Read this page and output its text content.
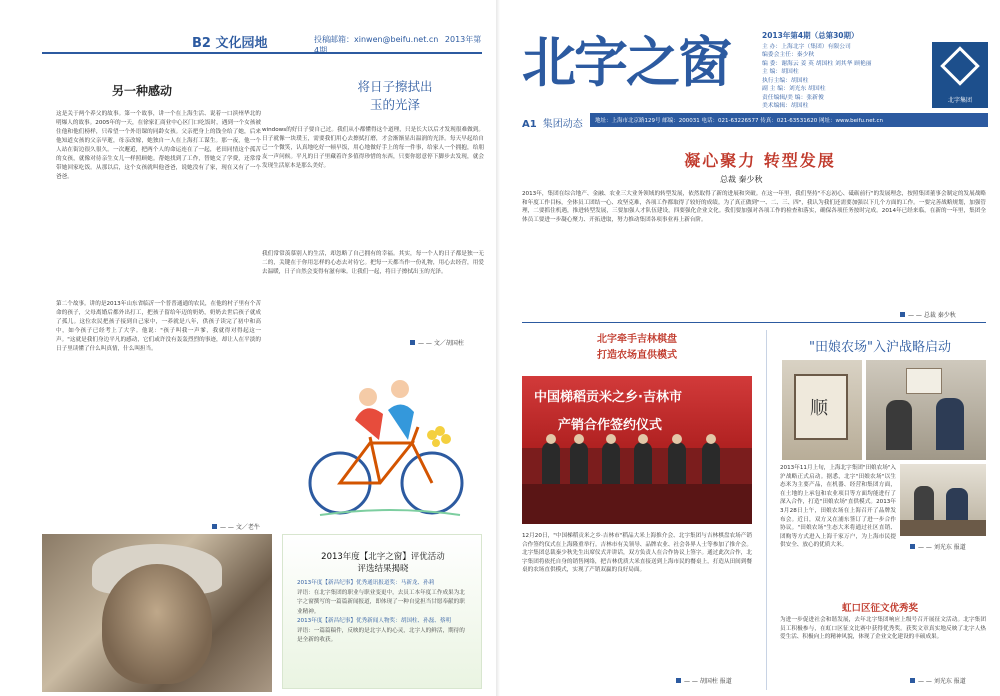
B2 文化园地	投稿邮箱：xinwen@beifu.net.cn 2013年第4期
另一种感动
这是关于两个养父的故事。第一个故事，讲一个在上海生活、说着一口滨州华北的明爆人的故事。2005年的一天，在徐家汇商业中心区门口吃饭时，遇到一个女孩被住他和他们榜样，只希望一个外语课的同龄女孩。父亲把身上的钱全给了她，后来他知道女孩的父亲早逝，母亲改嫁，她独自一人在上海打工谋生。那一夜，他一个人站在街边很久很久。一次邂逅，把两个人的命运连在了一起，老田同情这个孤苦的女孩，就像对待亲生女儿一样照顾她。帮她找到了工作，替她交了学费，还常常带她回家吃饭。从那以后，这个女孩就叫他爸爸，说她没有了家，现在又有了一个爸爸。
第二个故事。讲的是2013年山东省临沂一个普普通通的农民，在他的村子里有个苦命的孩子，父母离婚后都外出打工，把孩子留给年迈的奶奶，奶奶去世后孩子就成了孤儿。这位农民把孩子接到自己家中，一养就是八年，供孩子读完了初中和高中，如今孩子已经考上了大学。他说："孩子叫我一声爹，我就得对得起这一声。"这就是我们身边平凡的感动，它们或许没有轰轰烈烈的事迹，却让人在平淡的日子里读懂了什么叫真情，什么叫担当。
— — 文／老牛
将日子擦拭出
玉的光泽
windows的好日子要自己过。我们从小都懂得这个道理，只是长大以后才发现很难做到。日子就像一块璞玉，需要我们用心去擦拭打磨，才会渐渐显出温润的光泽。每天早起给自己一个微笑，认真地吃好一顿早饭，用心地做好手上的每一件事，给家人一个拥抱，给朋友一声问候。平凡的日子里藏着许多值得珍惜的东西，只要你愿意停下脚步去发现，就会发现生活原本是那么美好。
我们常常羡慕别人的生活，却忽略了自己拥有的幸福。其实，每一个人的日子都是独一无二的，关键在于你用怎样的心态去对待它。把每一天都当作一份礼物，用心去经营，用爱去温暖，日子自然会变得有滋有味。让我们一起，将日子擦拭出玉的光泽。
— — 文／胡国柱
2013年度【北字之窗】评优活动
评选结果揭晓
2013年度【新昌纪事】优秀通讯报道奖：马新龙、孙莉
评语：在北字集团的职业与职业变更中，去员工本年度工作成果为北字之窗撰写的一篇篇新闻报道，即体现了一种自觉担当甘愿奉献的职业精神。
2013年度【新昌纪事】优秀新闻人物奖：胡国柱、孙磊、蔡明
评语：一篇篇稿件，反映的是北字人的心灵，北字人的鲜活，期待的是全新的收获。
北字之窗
A1 集团动态 地址：上海市北京路129号 邮编：200031 电话：021-63226577 传真：021-63531620 网址：www.beifu.net.cn
2013年第4期（总第30期）
主 办：上海北字（集团）有限公司
编委会主任：秦少秋
编 委：谢海云 姜 英 胡国柱 刘其华 顾艳丽
主 编：胡国柱
执行主编：胡国柱
副 主 编：刘光东 胡国柱
责任编辑/美 编：张新俊
美术编辑：胡国柱
北字集团
凝心聚力 转型发展
总裁 秦少秋
2013年，集团在综合地产、金融、农业三大业务领域的转型发展，依然取得了新的进展和突破。在这一年里，我们坚持"不忘初心、砥砺前行"的发展理念，按照集团董事会制定的发展战略和年度工作目标，全体员工团结一心、攻坚克难，各项工作都取得了较好的成绩。为了真正做到"一、二、三、四"，我认为我们还需要加强以下几个方面的工作。一要完善战略规划，加强管理，二要抓住机遇，推进转型发展，三要加强人才队伍建设，四要强化企业文化。我们要加强对各项工作的检查和落实，确保各项任务按时完成。2014年已经来临，在新的一年里，集团全体员工要进一步凝心聚力、开拓进取，努力推动集团各项事业再上新台阶。
— — 总裁 秦少秋
北字牵手吉林棋盘
打造农场直供模式
中国梯稻贡米之乡·吉林市
产销合作签约仪式
12月20日，"中国梯稻贡米之乡·吉林市"稻品大米上海推介会、北字集团与吉林棋盘农场产销合作签约仪式在上海隆重举行。吉林市有关领导、品牌农业、社会各界人士等参加了推介会。北字集团总裁秦少秋先生出席仪式并讲话，双方负责人在合作协议上签字。通过此次合作，北字集团将依托自身的销售网络，把吉林优质大米直接送到上海市民的餐桌上，打造从田间到餐桌的农场直供模式，实现了产销双赢的良好局面。
— — 胡国柱 报道
"田娘农场"入沪战略启动
顺
2013年11月上旬，上海北字集团"田娘农场"入沪战略正式启动。据悉，北字"田娘农场"以生态米为主要产品，在机器、经营和集团方面，在土地的上承包和农业项目等方面均能进行了深入合作，打造"田娘农场"直供模式。2013年3月28日上午，田娘农场在上海召开了品牌发布会。近日，双方又在浦东签订了进一步合作协议。"田娘农场"生态大米将通过社区直销、团购等方式进入上海千家万户，为上海市民提供安全、放心的优质大米。	— — 刘光东 报道
虹口区征文优秀奖
为进一步促进社会和谐发展，去年北字集团响应上级号召开展征文活动。北字集团员工积极参与，在虹口区征文比赛中获得优秀奖。获奖文章真实地反映了北字人热爱生活、积极向上的精神风貌，体现了企业文化建设的丰硕成果。
— — 刘光东 报道
